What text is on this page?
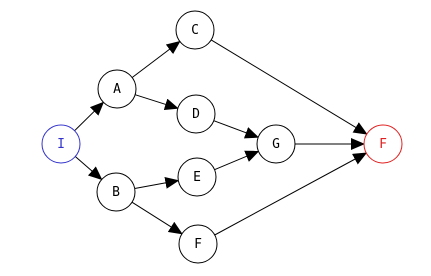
I
A
B
C
D
E
F
G	F
